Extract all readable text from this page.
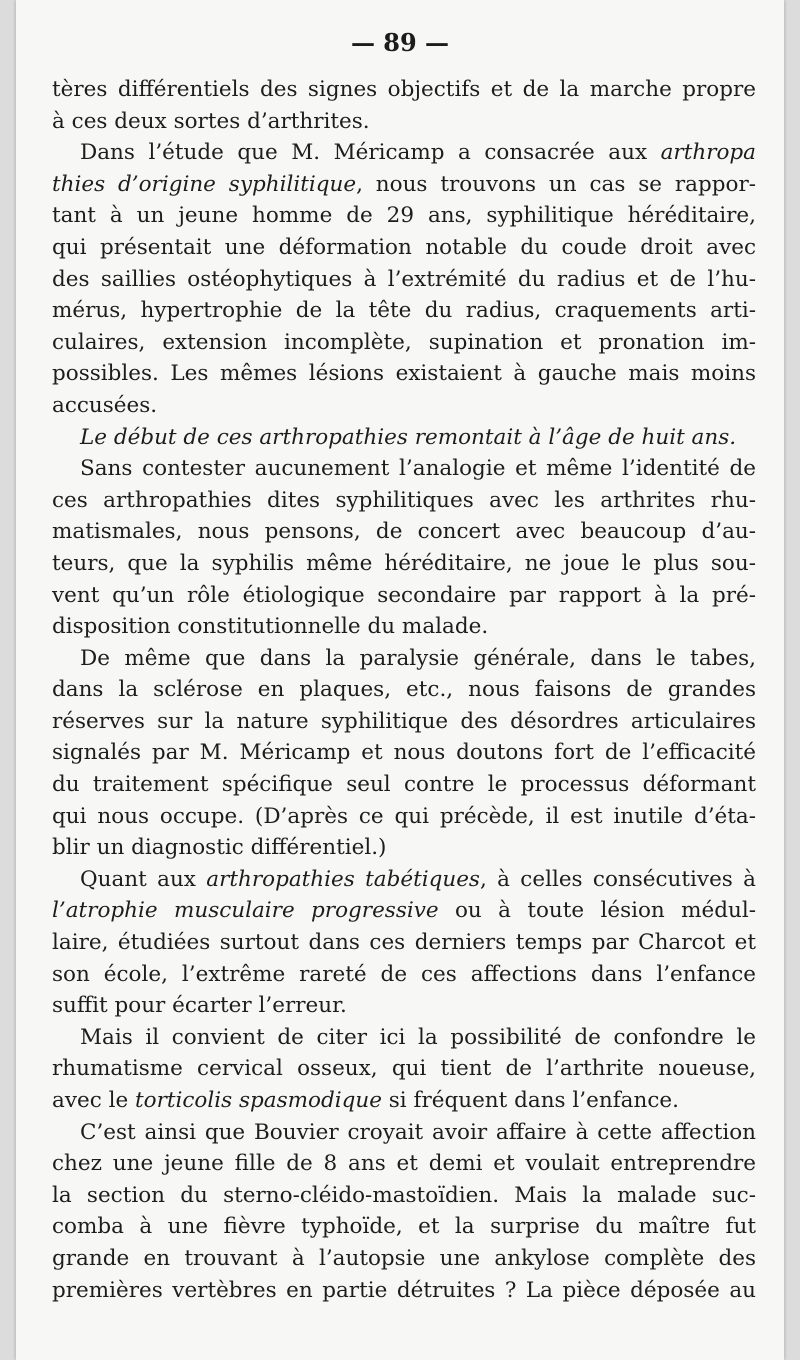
— 89 —
tères différentiels des signes objectifs et de la marche propre
à ces deux sortes d’arthrites.
Dans l’étude que M. Méricamp a consacrée aux arthropa
thies d’origine syphilitique, nous trouvons un cas se rappor-
tant à un jeune homme de 29 ans, syphilitique héréditaire,
qui présentait une déformation notable du coude droit avec
des saillies ostéophytiques à l’extrémité du radius et de l’hu-
mérus, hypertrophie de la tête du radius, craquements arti-
culaires, extension incomplète, supination et pronation im-
possibles. Les mêmes lésions existaient à gauche mais moins
accusées.
Le début de ces arthropathies remontait à l’âge de huit ans.
Sans contester aucunement l’analogie et même l’identité de
ces arthropathies dites syphilitiques avec les arthrites rhu-
matismales, nous pensons, de concert avec beaucoup d’au-
teurs, que la syphilis même héréditaire, ne joue le plus sou-
vent qu’un rôle étiologique secondaire par rapport à la pré-
disposition constitutionnelle du malade.
De même que dans la paralysie générale, dans le tabes,
dans la sclérose en plaques, etc., nous faisons de grandes
réserves sur la nature syphilitique des désordres articulaires
signalés par M. Méricamp et nous doutons fort de l’efficacité
du traitement spécifique seul contre le processus déformant
qui nous occupe. (D’après ce qui précède, il est inutile d’éta-
blir un diagnostic différentiel.)
Quant aux arthropathies tabétiques, à celles consécutives à
l’atrophie musculaire progressive ou à toute lésion médul-
laire, étudiées surtout dans ces derniers temps par Charcot et
son école, l’extrême rareté de ces affections dans l’enfance
suffit pour écarter l’erreur.
Mais il convient de citer ici la possibilité de confondre le
rhumatisme cervical osseux, qui tient de l’arthrite noueuse,
avec le torticolis spasmodique si fréquent dans l’enfance.
C’est ainsi que Bouvier croyait avoir affaire à cette affection
chez une jeune fille de 8 ans et demi et voulait entreprendre
la section du sterno-cléido-mastoïdien. Mais la malade suc-
comba à une fièvre typhoïde, et la surprise du maître fut
grande en trouvant à l’autopsie une ankylose complète des
premières vertèbres en partie détruites ? La pièce déposée au
